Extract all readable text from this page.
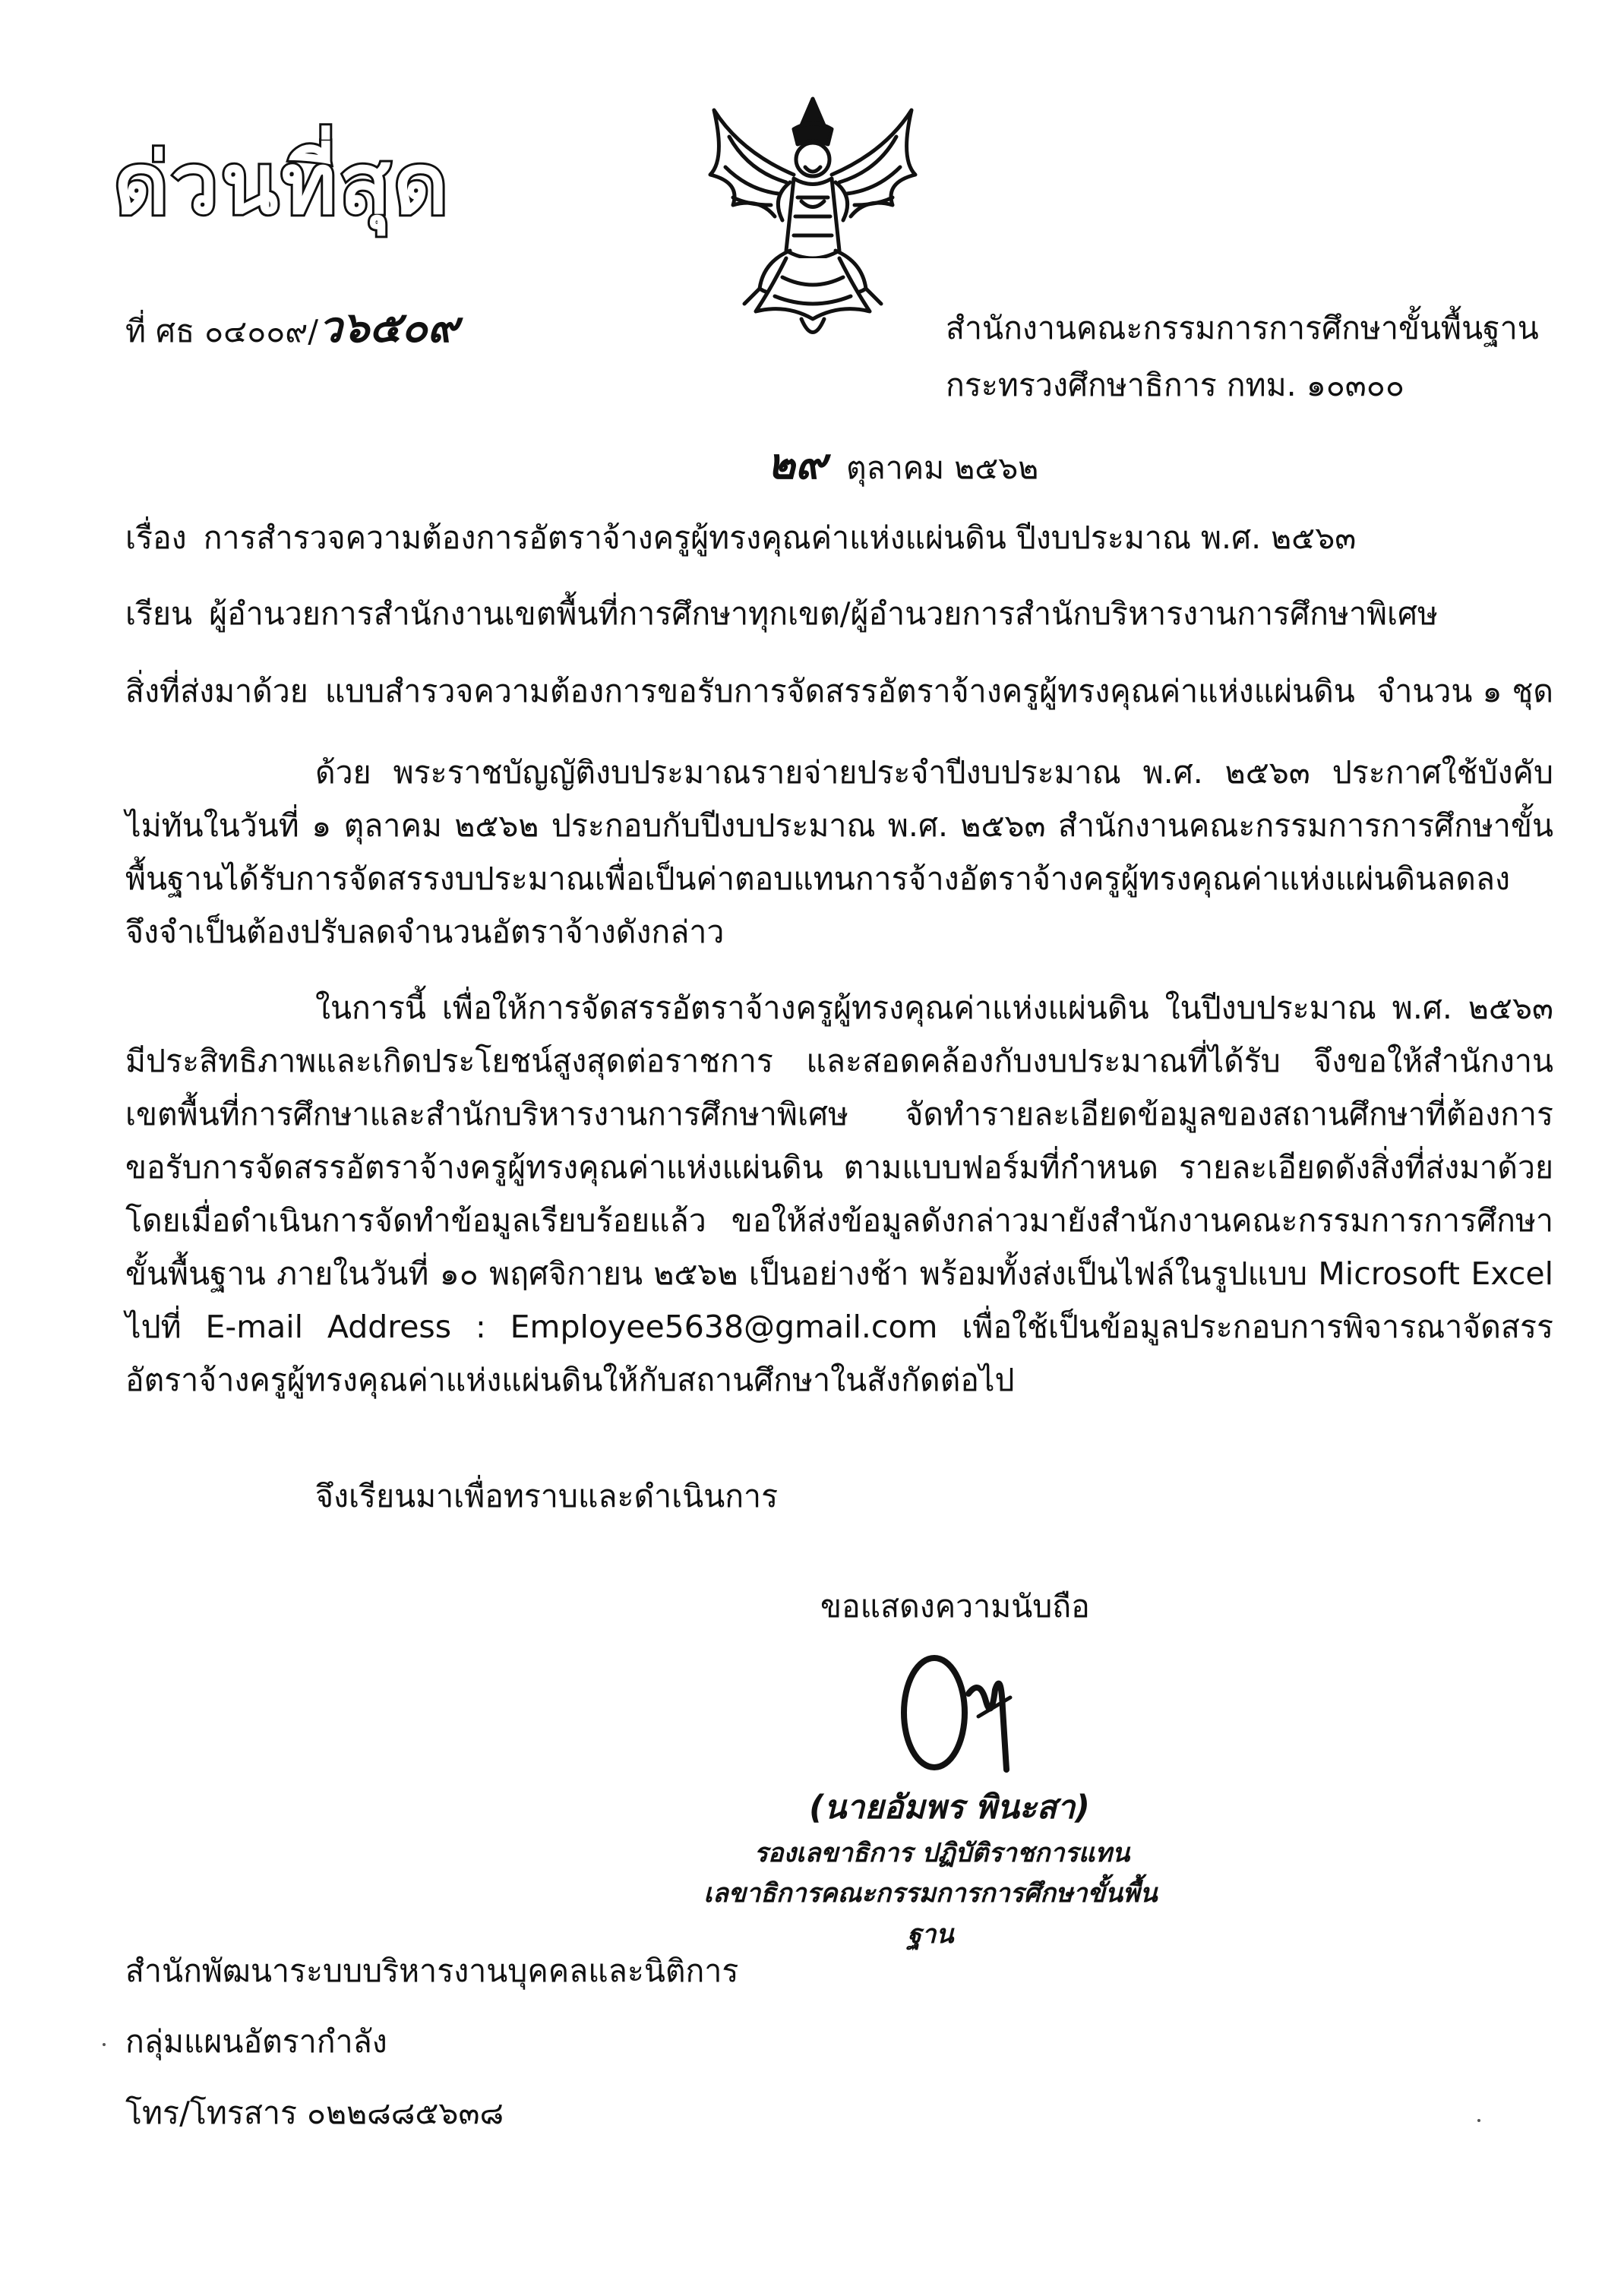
ด่วนที่สุด
ที่ ศธ ๐๔๐๐๙/ว๖๕๐๙	สำนักงานคณะกรรมการการศึกษาขั้นพื้นฐาน
กระทรวงศึกษาธิการ กทม. ๑๐๓๐๐
๒๙ ตุลาคม ๒๕๖๒
เรื่อง การสำรวจความต้องการอัตราจ้างครูผู้ทรงคุณค่าแห่งแผ่นดิน ปีงบประมาณ พ.ศ. ๒๕๖๓
เรียน ผู้อำนวยการสำนักงานเขตพื้นที่การศึกษาทุกเขต/ผู้อำนวยการสำนักบริหารงานการศึกษาพิเศษ
สิ่งที่ส่งมาด้วย แบบสำรวจความต้องการขอรับการจัดสรรอัตราจ้างครูผู้ทรงคุณค่าแห่งแผ่นดิน จำนวน ๑ ชุด

ด้วย พระราชบัญญัติงบประมาณรายจ่ายประจำปีงบประมาณ พ.ศ. ๒๕๖๓ ประกาศใช้บังคับไม่ทันในวันที่ ๑ ตุลาคม ๒๕๖๒ ประกอบกับปีงบประมาณ พ.ศ. ๒๕๖๓ สำนักงานคณะกรรมการการศึกษาขั้นพื้นฐานได้รับการจัดสรรงบประมาณเพื่อเป็นค่าตอบแทนการจ้างอัตราจ้างครูผู้ทรงคุณค่าแห่งแผ่นดินลดลง จึงจำเป็นต้องปรับลดจำนวนอัตราจ้างดังกล่าว

ในการนี้ เพื่อให้การจัดสรรอัตราจ้างครูผู้ทรงคุณค่าแห่งแผ่นดิน ในปีงบประมาณ พ.ศ. ๒๕๖๓ มีประสิทธิภาพและเกิดประโยชน์สูงสุดต่อราชการ และสอดคล้องกับงบประมาณที่ได้รับ จึงขอให้สำนักงานเขตพื้นที่การศึกษาและสำนักบริหารงานการศึกษาพิเศษ จัดทำรายละเอียดข้อมูลของสถานศึกษาที่ต้องการขอรับการจัดสรรอัตราจ้างครูผู้ทรงคุณค่าแห่งแผ่นดิน ตามแบบฟอร์มที่กำหนด รายละเอียดดังสิ่งที่ส่งมาด้วย โดยเมื่อดำเนินการจัดทำข้อมูลเรียบร้อยแล้ว ขอให้ส่งข้อมูลดังกล่าวมายังสำนักงานคณะกรรมการการศึกษาขั้นพื้นฐาน ภายในวันที่ ๑๐ พฤศจิกายน ๒๕๖๒ เป็นอย่างช้า พร้อมทั้งส่งเป็นไฟล์ในรูปแบบ Microsoft Excel ไปที่ E-mail Address : Employee5638@gmail.com เพื่อใช้เป็นข้อมูลประกอบการพิจารณาจัดสรรอัตราจ้างครูผู้ทรงคุณค่าแห่งแผ่นดินให้กับสถานศึกษาในสังกัดต่อไป

จึงเรียนมาเพื่อทราบและดำเนินการ
ขอแสดงความนับถือ
(นายอัมพร พินะสา)
รองเลขาธิการ ปฏิบัติราชการแทน
เลขาธิการคณะกรรมการการศึกษาขั้นพื้นฐาน
สำนักพัฒนาระบบบริหารงานบุคคลและนิติการ
กลุ่มแผนอัตรากำลัง
โทร/โทรสาร ๐๒๒๘๘๕๖๓๘
